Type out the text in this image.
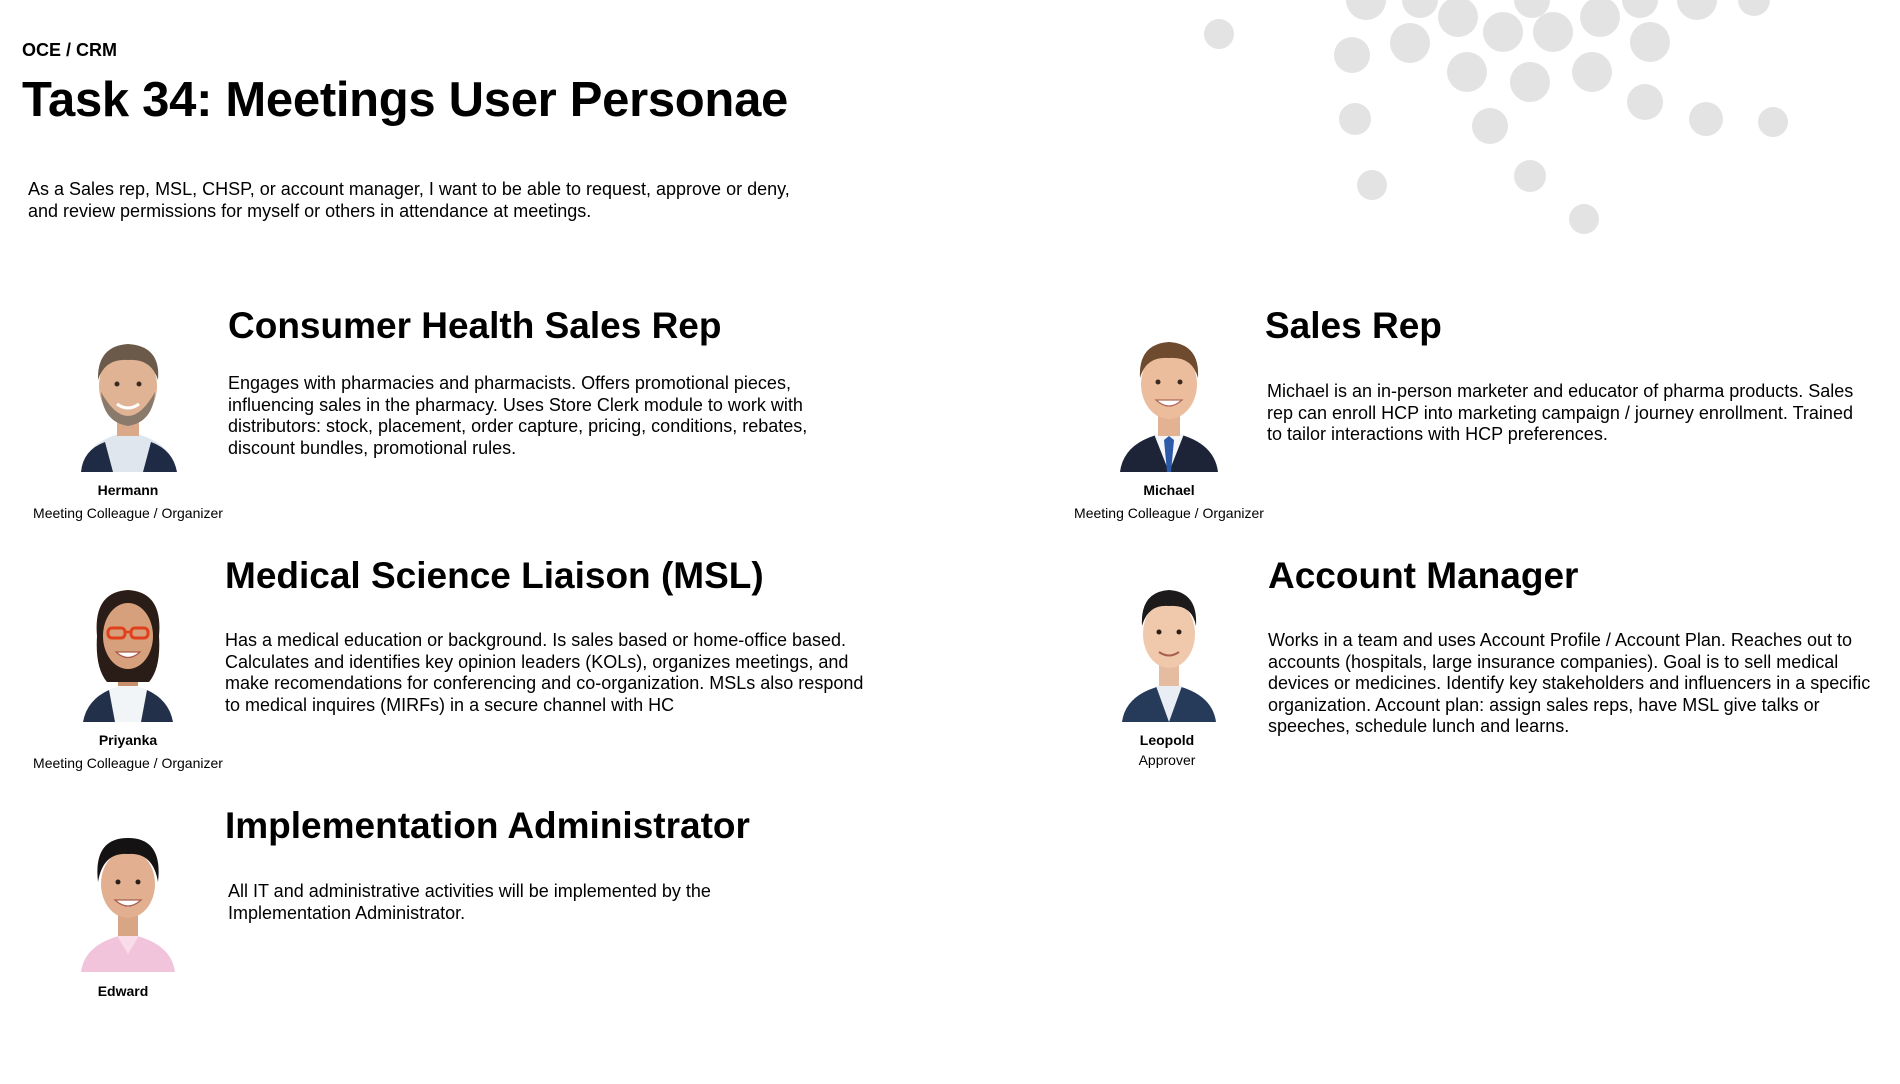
OCE / CRM
Task 34: Meetings User Personae
As a Sales rep, MSL, CHSP, or account manager, I want to be able to request, approve or deny, and review permissions for myself or others in attendance at meetings.
Hermann
Meeting Colleague / Organizer
Consumer Health Sales Rep
Engages with pharmacies and pharmacists. Offers promotional pieces, influencing sales in the pharmacy. Uses Store Clerk module to work with distributors: stock, placement, order capture, pricing, conditions, rebates, discount bundles, promotional rules.
Michael
Meeting Colleague / Organizer
Sales Rep
Michael is an in-person marketer and educator of pharma products. Sales rep can enroll HCP into marketing campaign / journey enrollment. Trained to tailor interactions with HCP preferences.
Priyanka
Meeting Colleague / Organizer
Medical Science Liaison (MSL)
Has a medical education or background. Is sales based or home-office based. Calculates and identifies key opinion leaders (KOLs), organizes meetings, and make recomendations for conferencing and co-organization. MSLs also respond to medical inquires (MIRFs) in a secure channel with HC
Leopold
Approver
Account Manager
Works in a team and uses Account Profile / Account Plan. Reaches out to accounts (hospitals, large insurance companies). Goal is to sell medical devices or medicines. Identify key stakeholders and influencers in a specific organization. Account plan: assign sales reps, have MSL give talks or speeches, schedule lunch and learns.
Edward
Implementation Administrator
All IT and administrative activities will be implemented by the Implementation Administrator.
